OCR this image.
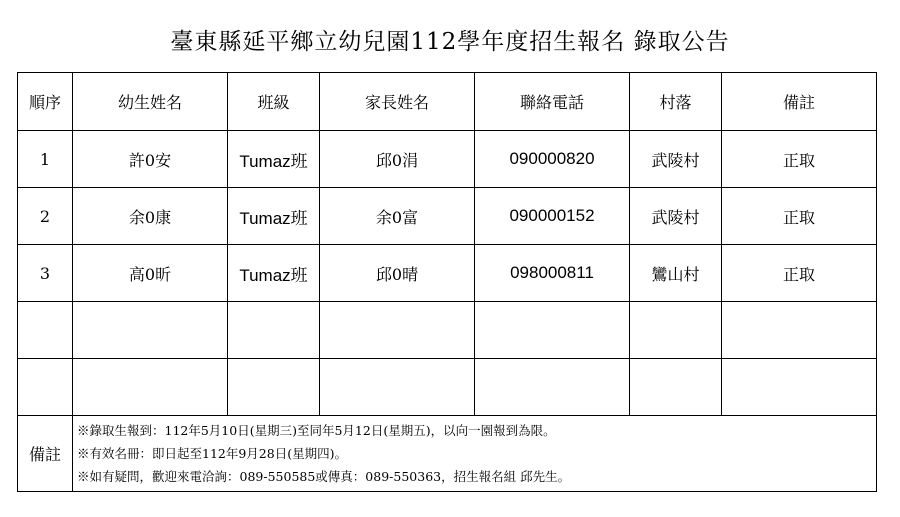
臺東縣延平鄉立幼兒園112學年度招生報名 錄取公告
順序	幼生姓名	班級	家長姓名	聯絡電話	村落	備註
1	許0安	Tumaz班	邱0涓	090000820	武陵村	正取
2	余0康	Tumaz班	余0富	090000152	武陵村	正取
3	高0昕	Tumaz班	邱0晴	098000811	鸞山村	正取

備註	※錄取生報到：112年5月10日(星期三)至同年5月12日(星期五)，以向一園報到為限。
※有效名冊：即日起至112年9月28日(星期四)。
※如有疑問，歡迎來電洽詢：089-550585或傳真：089-550363，招生報名組 邱先生。					
